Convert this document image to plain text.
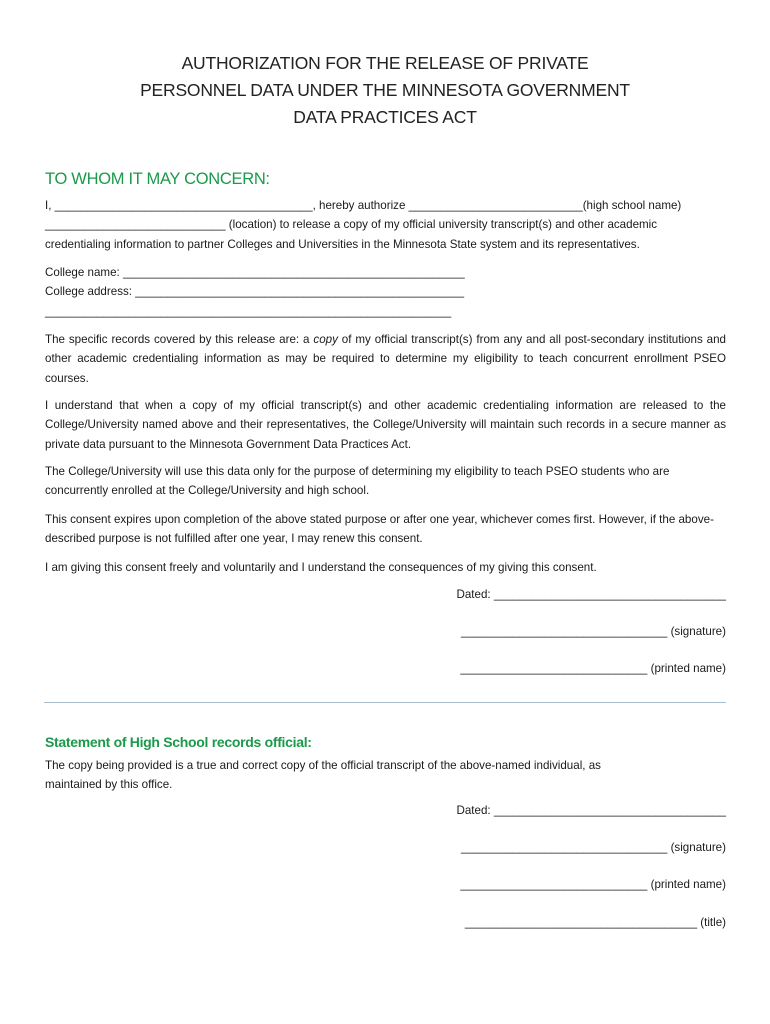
AUTHORIZATION FOR THE RELEASE OF PRIVATE
PERSONNEL DATA UNDER THE MINNESOTA GOVERNMENT
DATA PRACTICES ACT
TO WHOM IT MAY CONCERN:
I, ________________________________________, hereby authorize ___________________________(high school name)
____________________________ (location) to release a copy of my official university transcript(s) and other academic
credentialing information to partner Colleges and Universities in the Minnesota State system and its representatives.
College name: _____________________________________________________
College address: ___________________________________________________
_______________________________________________________________
The specific records covered by this release are: a copy of my official transcript(s) from any and all post-secondary institutions and other academic credentialing information as may be required to determine my eligibility to teach concurrent enrollment PSEO courses.
I understand that when a copy of my official transcript(s) and other academic credentialing information are released to the College/University named above and their representatives, the College/University will maintain such records in a secure manner as private data pursuant to the Minnesota Government Data Practices Act.
The College/University will use this data only for the purpose of determining my eligibility to teach PSEO students who are concurrently enrolled at the College/University and high school.
This consent expires upon completion of the above stated purpose or after one year, whichever comes first. However, if the above-described purpose is not fulfilled after one year, I may renew this consent.
I am giving this consent freely and voluntarily and I understand the consequences of my giving this consent.
Dated: ____________________________________
________________________________ (signature)
_____________________________ (printed name)
Statement of High School records official:
The copy being provided is a true and correct copy of the official transcript of the above-named individual, as
maintained by this office.
Dated: ____________________________________
________________________________ (signature)
_____________________________ (printed name)
____________________________________ (title)
